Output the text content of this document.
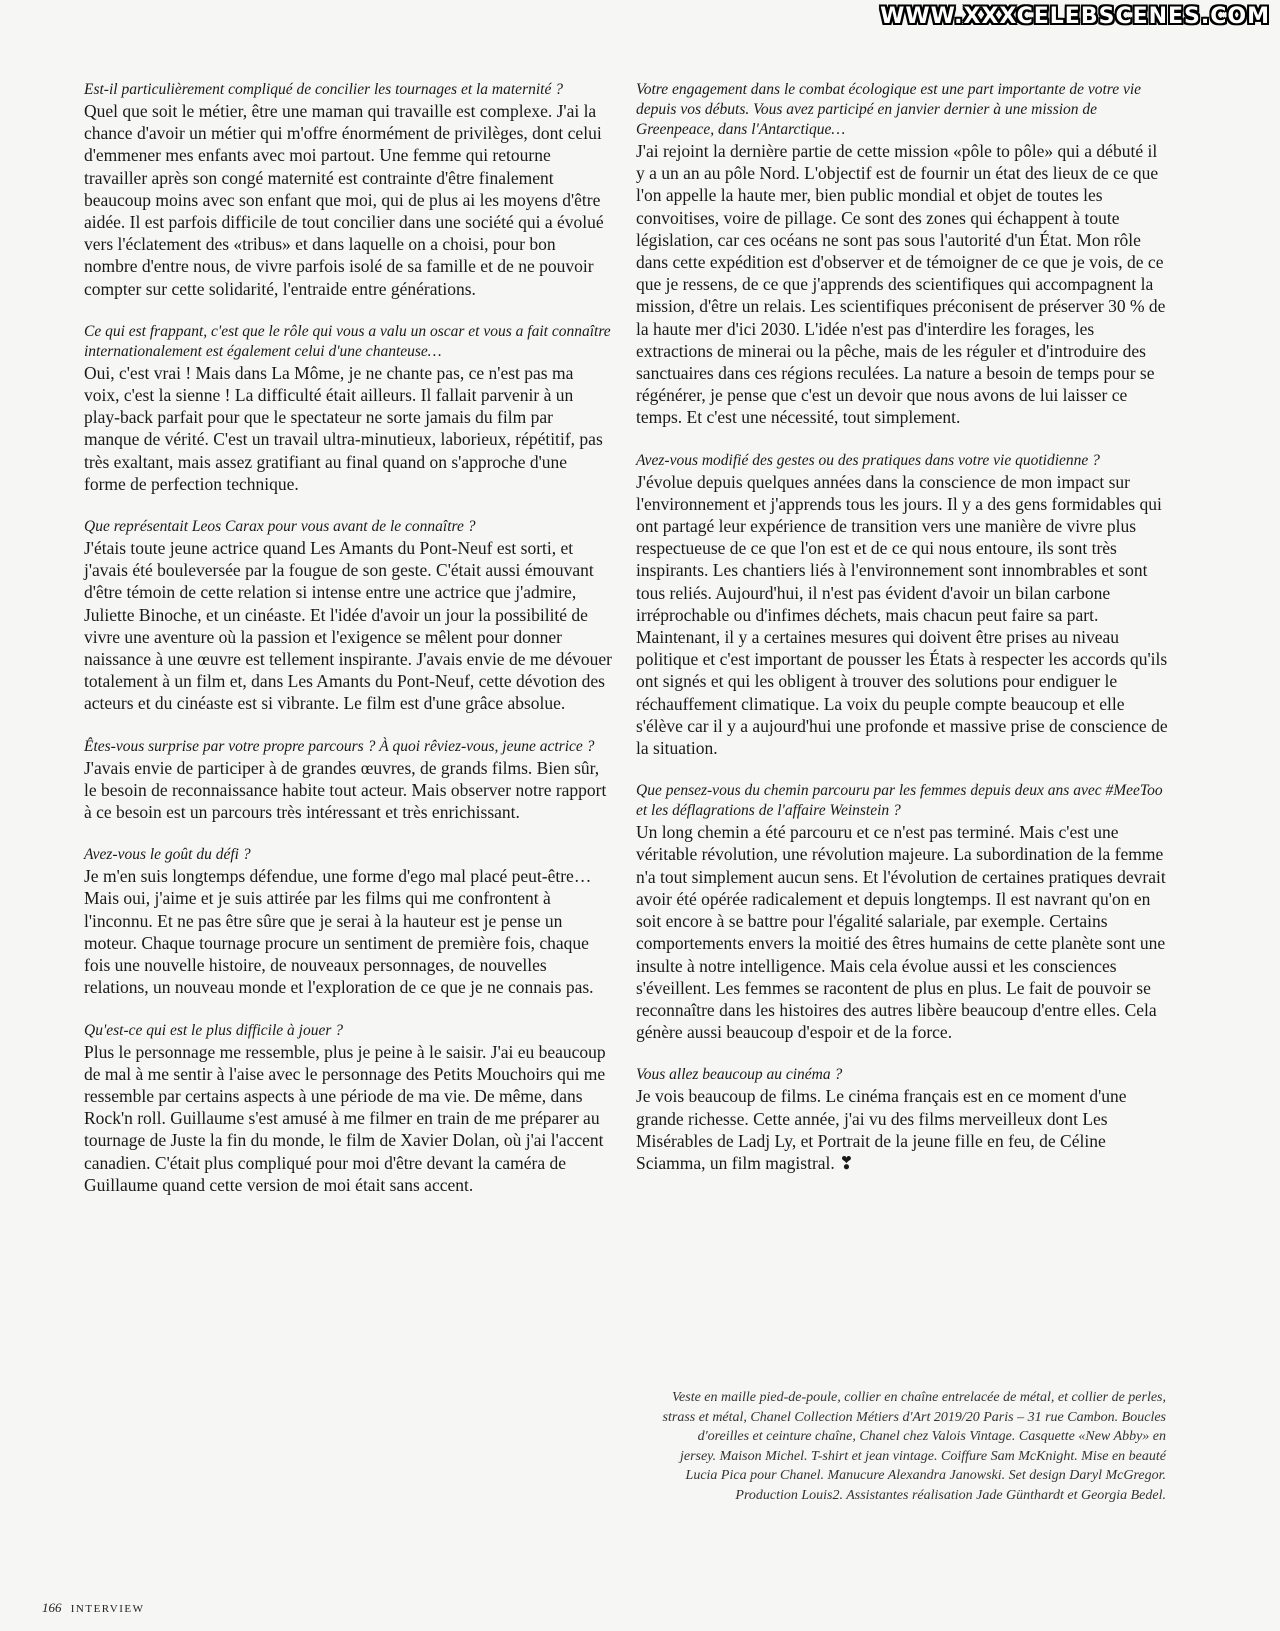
WWW.XXXCELEBSCENES.COM

Est-il particulièrement compliqué de concilier les tournages et la maternité ?

Quel que soit le métier, être une maman qui travaille est complexe. J'ai la chance d'avoir un métier qui m'offre énormément de privilèges, dont celui d'emmener mes enfants avec moi partout. Une femme qui retourne travailler après son congé maternité est contrainte d'être finalement beaucoup moins avec son enfant que moi, qui de plus ai les moyens d'être aidée. Il est parfois difficile de tout concilier dans une société qui a évolué vers l'éclatement des «tribus» et dans laquelle on a choisi, pour bon nombre d'entre nous, de vivre parfois isolé de sa famille et de ne pouvoir compter sur cette solidarité, l'entraide entre générations.

Ce qui est frappant, c'est que le rôle qui vous a valu un oscar et vous a fait connaître internationalement est également celui d'une chanteuse…

Oui, c'est vrai ! Mais dans La Môme, je ne chante pas, ce n'est pas ma voix, c'est la sienne ! La difficulté était ailleurs. Il fallait parvenir à un play-back parfait pour que le spectateur ne sorte jamais du film par manque de vérité. C'est un travail ultra-minutieux, laborieux, répétitif, pas très exaltant, mais assez gratifiant au final quand on s'approche d'une forme de perfection technique.

Que représentait Leos Carax pour vous avant de le connaître ?

J'étais toute jeune actrice quand Les Amants du Pont-Neuf est sorti, et j'avais été bouleversée par la fougue de son geste. C'était aussi émouvant d'être témoin de cette relation si intense entre une actrice que j'admire, Juliette Binoche, et un cinéaste. Et l'idée d'avoir un jour la possibilité de vivre une aventure où la passion et l'exigence se mêlent pour donner naissance à une œuvre est tellement inspirante. J'avais envie de me dévouer totalement à un film et, dans Les Amants du Pont-Neuf, cette dévotion des acteurs et du cinéaste est si vibrante. Le film est d'une grâce absolue.

Êtes-vous surprise par votre propre parcours ? À quoi rêviez-vous, jeune actrice ?

J'avais envie de participer à de grandes œuvres, de grands films. Bien sûr, le besoin de reconnaissance habite tout acteur. Mais observer notre rapport à ce besoin est un parcours très intéressant et très enrichissant.

Avez-vous le goût du défi ?

Je m'en suis longtemps défendue, une forme d'ego mal placé peut-être… Mais oui, j'aime et je suis attirée par les films qui me confrontent à l'inconnu. Et ne pas être sûre que je serai à la hauteur est je pense un moteur. Chaque tournage procure un sentiment de première fois, chaque fois une nouvelle histoire, de nouveaux personnages, de nouvelles relations, un nouveau monde et l'exploration de ce que je ne connais pas.

Qu'est-ce qui est le plus difficile à jouer ?

Plus le personnage me ressemble, plus je peine à le saisir. J'ai eu beaucoup de mal à me sentir à l'aise avec le personnage des Petits Mouchoirs qui me ressemble par certains aspects à une période de ma vie. De même, dans Rock'n roll. Guillaume s'est amusé à me filmer en train de me préparer au tournage de Juste la fin du monde, le film de Xavier Dolan, où j'ai l'accent canadien. C'était plus compliqué pour moi d'être devant la caméra de Guillaume quand cette version de moi était sans accent.

Votre engagement dans le combat écologique est une part importante de votre vie depuis vos débuts. Vous avez participé en janvier dernier à une mission de Greenpeace, dans l'Antarctique…

J'ai rejoint la dernière partie de cette mission «pôle to pôle» qui a débuté il y a un an au pôle Nord. L'objectif est de fournir un état des lieux de ce que l'on appelle la haute mer, bien public mondial et objet de toutes les convoitises, voire de pillage. Ce sont des zones qui échappent à toute législation, car ces océans ne sont pas sous l'autorité d'un État. Mon rôle dans cette expédition est d'observer et de témoigner de ce que je vois, de ce que je ressens, de ce que j'apprends des scientifiques qui accompagnent la mission, d'être un relais. Les scientifiques préconisent de préserver 30 % de la haute mer d'ici 2030. L'idée n'est pas d'interdire les forages, les extractions de minerai ou la pêche, mais de les réguler et d'introduire des sanctuaires dans ces régions reculées. La nature a besoin de temps pour se régénérer, je pense que c'est un devoir que nous avons de lui laisser ce temps. Et c'est une nécessité, tout simplement.

Avez-vous modifié des gestes ou des pratiques dans votre vie quotidienne ?

J'évolue depuis quelques années dans la conscience de mon impact sur l'environnement et j'apprends tous les jours. Il y a des gens formidables qui ont partagé leur expérience de transition vers une manière de vivre plus respectueuse de ce que l'on est et de ce qui nous entoure, ils sont très inspirants. Les chantiers liés à l'environnement sont innombrables et sont tous reliés. Aujourd'hui, il n'est pas évident d'avoir un bilan carbone irréprochable ou d'infimes déchets, mais chacun peut faire sa part. Maintenant, il y a certaines mesures qui doivent être prises au niveau politique et c'est important de pousser les États à respecter les accords qu'ils ont signés et qui les obligent à trouver des solutions pour endiguer le réchauffement climatique. La voix du peuple compte beaucoup et elle s'élève car il y a aujourd'hui une profonde et massive prise de conscience de la situation.

Que pensez-vous du chemin parcouru par les femmes depuis deux ans avec #MeeToo et les déflagrations de l'affaire Weinstein ?

Un long chemin a été parcouru et ce n'est pas terminé. Mais c'est une véritable révolution, une révolution majeure. La subordination de la femme n'a tout simplement aucun sens. Et l'évolution de certaines pratiques devrait avoir été opérée radicalement et depuis longtemps. Il est navrant qu'on en soit encore à se battre pour l'égalité salariale, par exemple. Certains comportements envers la moitié des êtres humains de cette planète sont une insulte à notre intelligence. Mais cela évolue aussi et les consciences s'éveillent. Les femmes se racontent de plus en plus. Le fait de pouvoir se reconnaître dans les histoires des autres libère beaucoup d'entre elles. Cela génère aussi beaucoup d'espoir et de la force.

Vous allez beaucoup au cinéma ?

Je vois beaucoup de films. Le cinéma français est en ce moment d'une grande richesse. Cette année, j'ai vu des films merveilleux dont Les Misérables de Ladj Ly, et Portrait de la jeune fille en feu, de Céline Sciamma, un film magistral. ❣

Veste en maille pied-de-poule, collier en chaîne entrelacée de métal, et collier de perles, strass et métal, Chanel Collection Métiers d'Art 2019/20 Paris – 31 rue Cambon. Boucles d'oreilles et ceinture chaîne, Chanel chez Valois Vintage. Casquette «New Abby» en jersey. Maison Michel. T-shirt et jean vintage. Coiffure Sam McKnight. Mise en beauté Lucia Pica pour Chanel. Manucure Alexandra Janowski. Set design Daryl McGregor. Production Louis2. Assistantes réalisation Jade Günthardt et Georgia Bedel.
166 INTERVIEW
